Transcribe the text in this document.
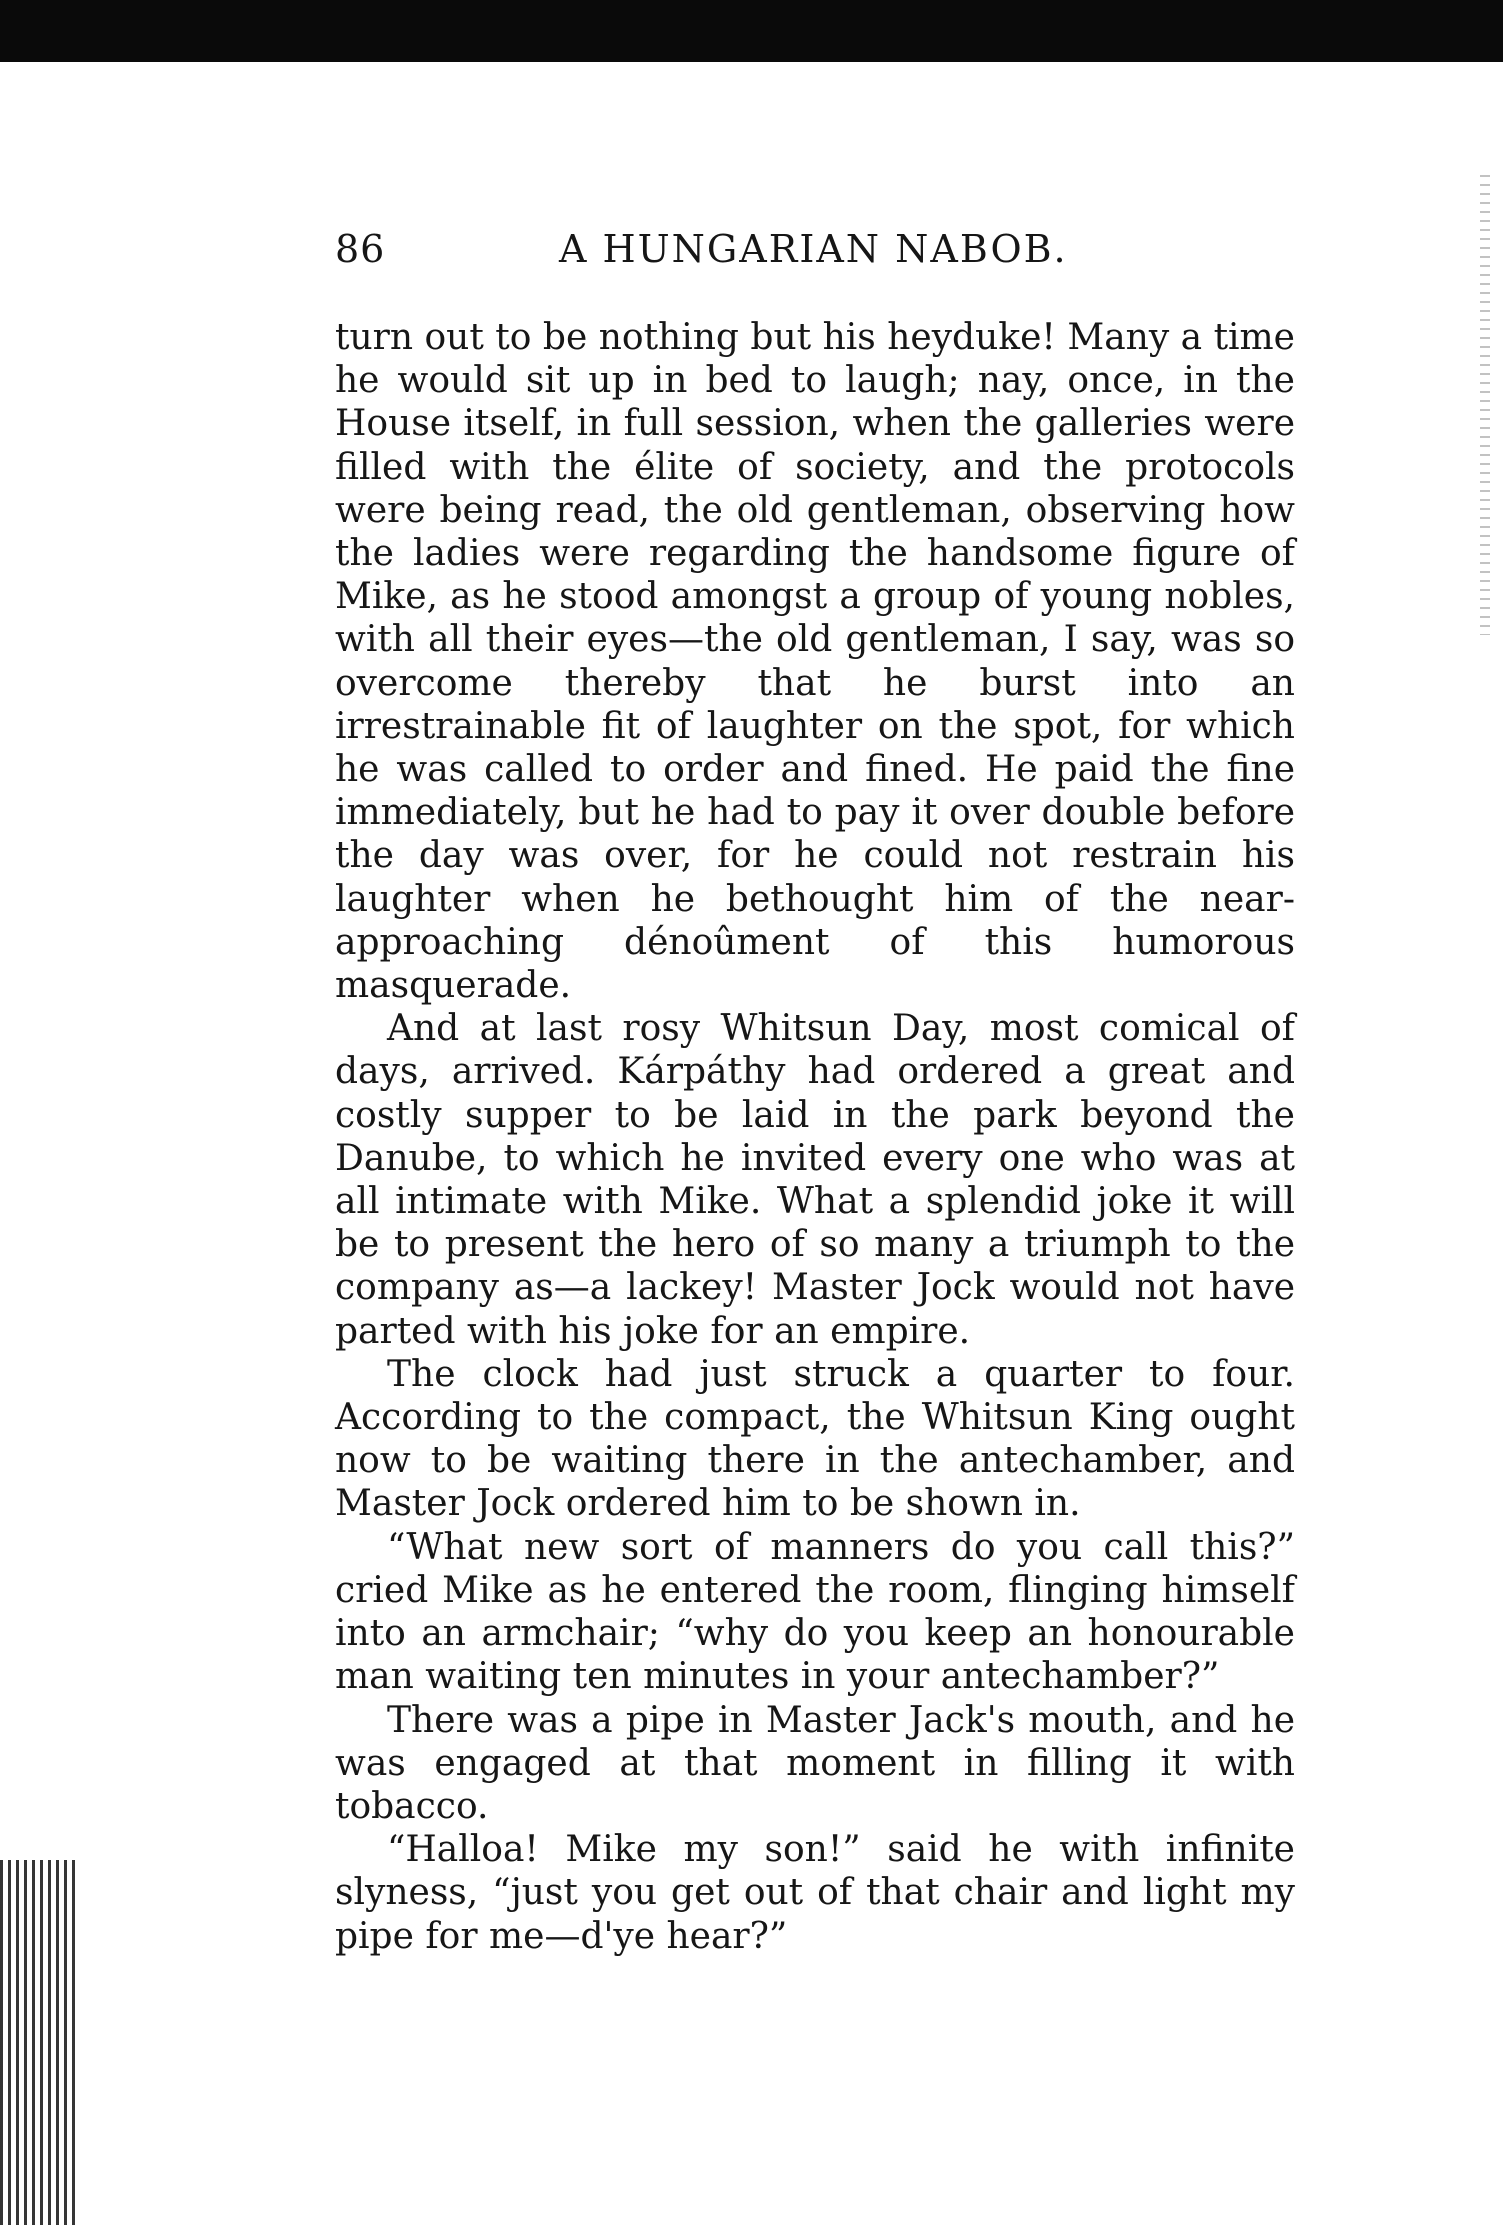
86	A HUNGARIAN NABOB.

turn out to be nothing but his heyduke! Many a time he would sit up in bed to laugh; nay, once, in the House itself, in full session, when the galleries were filled with the élite of society, and the protocols were being read, the old gentleman, observing how the ladies were regarding the handsome figure of Mike, as he stood amongst a group of young nobles, with all their eyes—the old gentleman, I say, was so overcome thereby that he burst into an irrestrainable fit of laughter on the spot, for which he was called to order and fined. He paid the fine immediately, but he had to pay it over double before the day was over, for he could not restrain his laughter when he bethought him of the near-approaching dénoûment of this humorous masquerade.

And at last rosy Whitsun Day, most comical of days, arrived. Kárpáthy had ordered a great and costly supper to be laid in the park beyond the Danube, to which he invited every one who was at all intimate with Mike. What a splendid joke it will be to present the hero of so many a triumph to the company as—a lackey! Master Jock would not have parted with his joke for an empire.

The clock had just struck a quarter to four. According to the compact, the Whitsun King ought now to be waiting there in the antechamber, and Master Jock ordered him to be shown in.

“What new sort of manners do you call this?” cried Mike as he entered the room, flinging himself into an armchair; “why do you keep an honourable man waiting ten minutes in your antechamber?”

There was a pipe in Master Jack's mouth, and he was engaged at that moment in filling it with tobacco.

“Halloa! Mike my son!” said he with infinite slyness, “just you get out of that chair and light my pipe for me—d'ye hear?”
